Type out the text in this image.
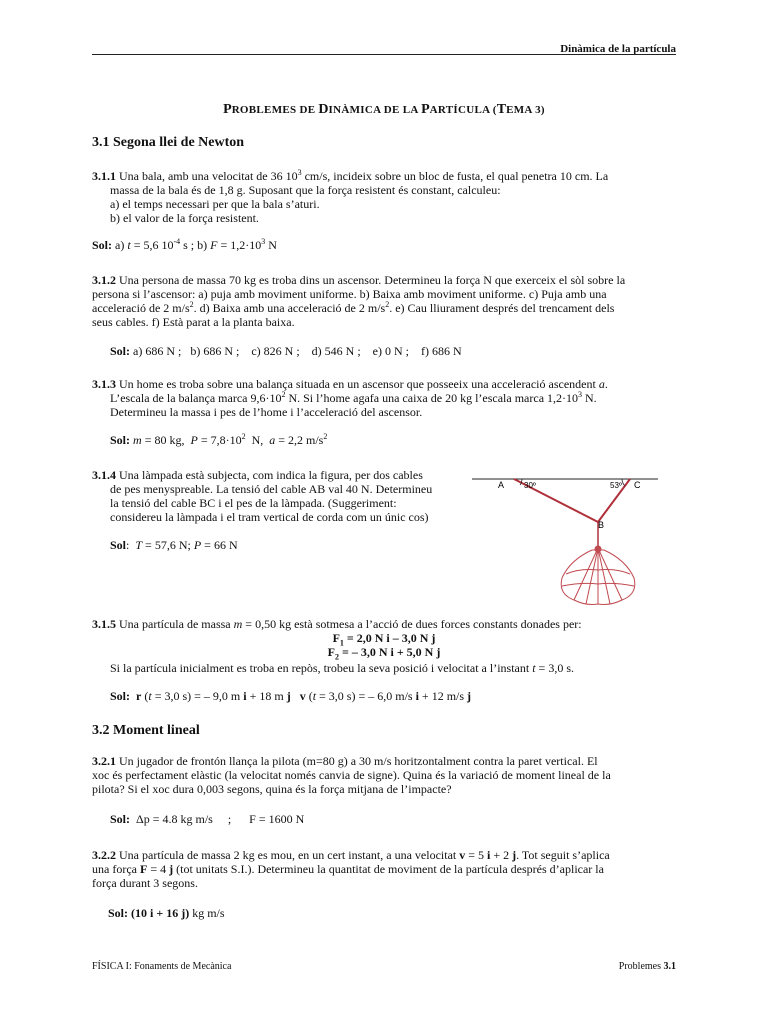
Dinàmica de la partícula
PROBLEMES DE DINÀMICA DE LA PARTÍCULA (TEMA 3)
3.1 Segona llei de Newton
3.1.1 Una bala, amb una velocitat de 36 $10^3$ cm/s, incideix sobre un bloc de fusta, el qual penetra 10 cm. La
massa de la bala és de 1,8 g. Suposant que la força resistent és constant, calculeu:
a) el temps necessari per que la bala s’aturi.
b) el valor de la força resistent.
Sol: a) t = 5,6 $10^{-4}$ s ; b) $F = 1,2\cdot 10^3$ N
3.1.2 Una persona de massa 70 kg es troba dins un ascensor. Determineu la força N que exerceix el sòl sobre la
persona si l’ascensor: a) puja amb moviment uniforme. b) Baixa amb moviment uniforme. c) Puja amb una
acceleració de 2 $m/s^2$. d) Baixa amb una acceleració de 2 $m/s^2$. e) Cau lliurament després del trencament dels
seus cables. f) Està parat a la planta baixa.
Sol: a) 686 N ;   b) 686 N ;    c) 826 N ;    d) 546 N ;    e) 0 N ;    f) 686 N
3.1.3 Un home es troba sobre una balança situada en un ascensor que posseeix una acceleració ascendent a.
L’escala de la balança marca $9,6\cdot 10^2$ N. Si l’home agafa una caixa de 20 kg l’escala marca $1,2\cdot 10^3$ N.
Determineu la massa i pes de l’home i l’acceleració del ascensor.
Sol: m = 80 kg,  $P = 7,8\cdot 10^2$  N,  a = 2,2 $m/s^2$
3.1.4 Una làmpada està subjecta, com indica la figura, per dos cables
de pes menyspreable. La tensió del cable AB val 40 N. Determineu
la tensió del cable BC i el pes de la làmpada. (Suggeriment:
considereu la làmpada i el tram vertical de corda com un únic cos)
Sol:  T = 57,6 N; P = 66 N
A 30º	53º C
B
3.1.5 Una partícula de massa m = 0,50 kg està sotmesa a l’acció de dues forces constants donades per:
$F_1 = 2,0$ N i – 3,0 N j
$F_2$ = – 3,0 N i + 5,0 N j
Si la partícula inicialment es troba en repòs, trobeu la seva posició i velocitat a l’instant t = 3,0 s.
Sol:  r (t = 3,0 s) = – 9,0 m i + 18 m j   v (t = 3,0 s) = – 6,0 m/s i + 12 m/s j
3.2 Moment lineal
3.2.1 Un jugador de frontón llança la pilota (m=80 g) a 30 m/s horitzontalment contra la paret vertical. El
xoc és perfectament elàstic (la velocitat només canvia de signe). Quina és la variació de moment lineal de la
pilota? Si el xoc dura 0,003 segons, quina és la força mitjana de l’impacte?
Sol:  Δp = 4.8 kg m/s     ;      F = 1600 N
3.2.2 Una partícula de massa 2 kg es mou, en un cert instant, a una velocitat v = 5 i + 2 j. Tot seguit s’aplica
una força F = 4 j (tot unitats S.I.). Determineu la quantitat de moviment de la partícula després d’aplicar la
força durant 3 segons.
Sol: (10 i + 16 j) kg m/s
FÍSICA I: Fonaments de Mecànica	Problemes 3.1
